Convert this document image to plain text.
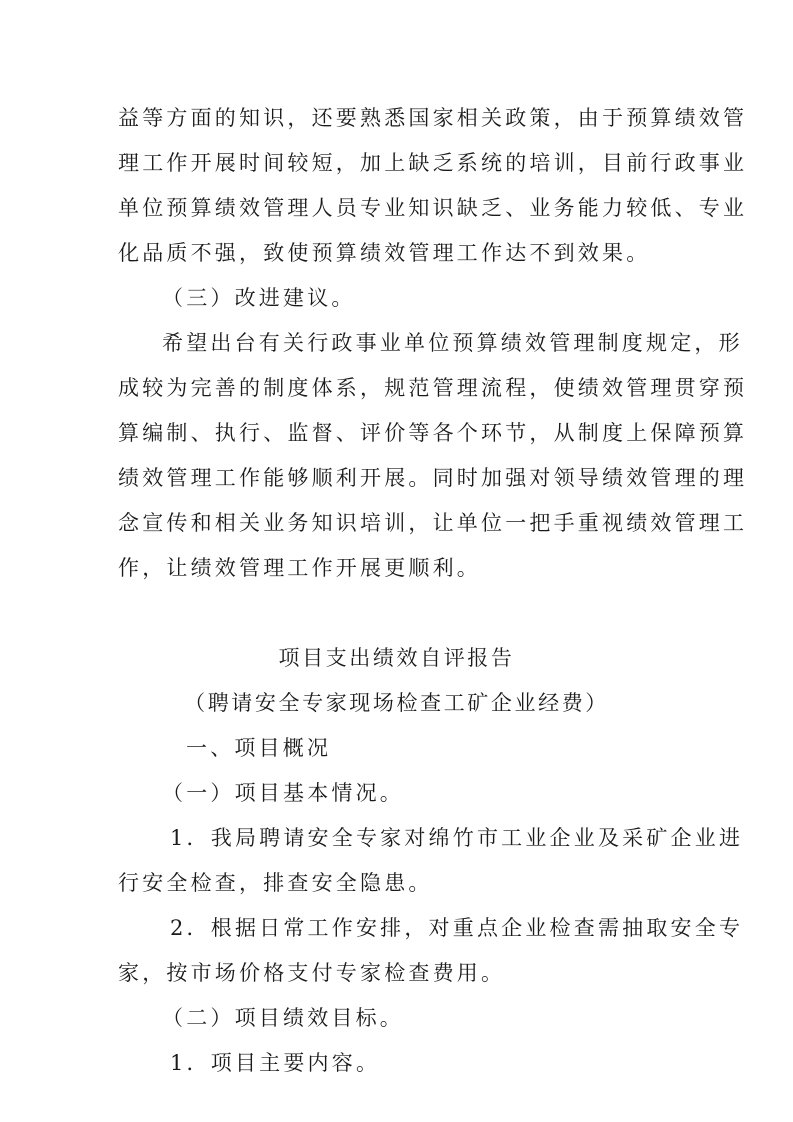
益等方面的知识，还要熟悉国家相关政策，由于预算绩效管
理工作开展时间较短，加上缺乏系统的培训，目前行政事业
单位预算绩效管理人员专业知识缺乏、业务能力较低、专业
化品质不强，致使预算绩效管理工作达不到效果。
（三）改进建议。
希望出台有关行政事业单位预算绩效管理制度规定，形
成较为完善的制度体系，规范管理流程，使绩效管理贯穿预
算编制、执行、监督、评价等各个环节，从制度上保障预算
绩效管理工作能够顺利开展。同时加强对领导绩效管理的理
念宣传和相关业务知识培训，让单位一把手重视绩效管理工
作，让绩效管理工作开展更顺利。
项目支出绩效自评报告
（聘请安全专家现场检查工矿企业经费）
一、项目概况
（一）项目基本情况。
1．我局聘请安全专家对绵竹市工业企业及采矿企业进
行安全检查，排查安全隐患。
2．根据日常工作安排，对重点企业检查需抽取安全专
家，按市场价格支付专家检查费用。
（二）项目绩效目标。
1．项目主要内容。
